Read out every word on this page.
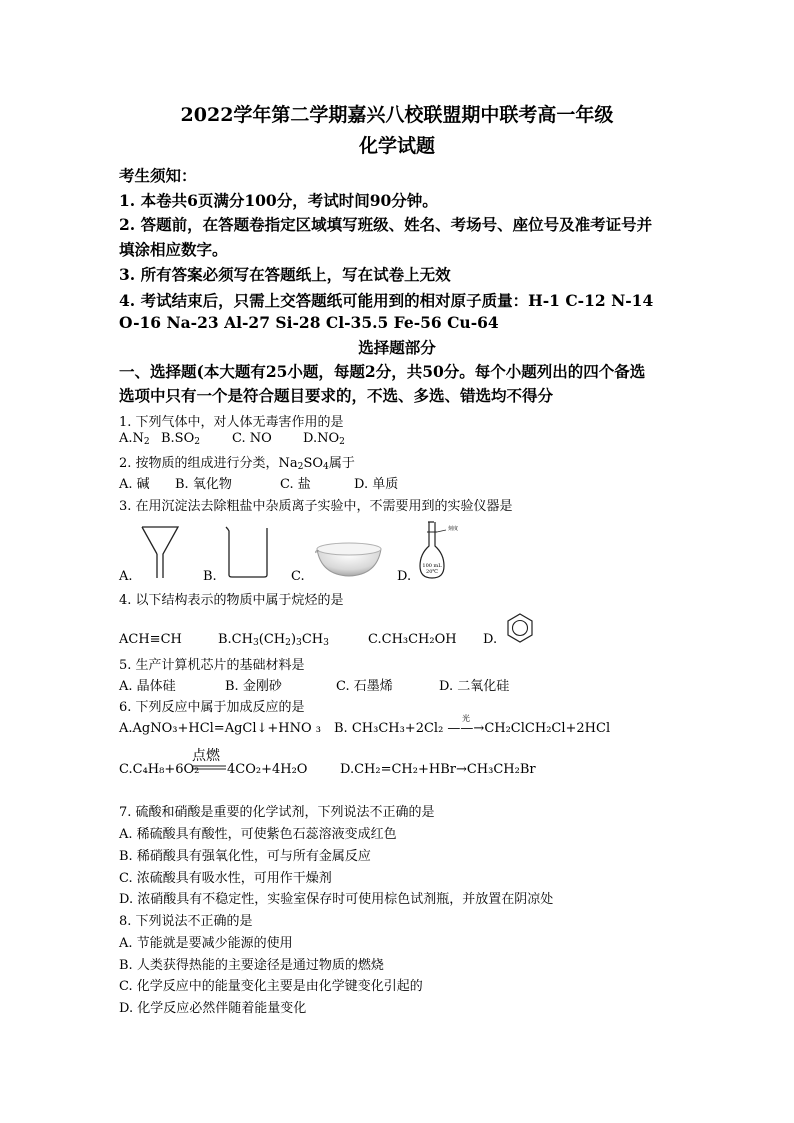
2022学年第二学期嘉兴八校联盟期中联考高一年级
化学试题
考生须知：
1. 本卷共6页满分100分，考试时间90分钟。
2. 答题前，在答题卷指定区域填写班级、姓名、考场号、座位号及准考证号并
填涂相应数字。
3. 所有答案必须写在答题纸上，写在试卷上无效
4. 考试结束后，只需上交答题纸可能用到的相对原子质量：H-1 C-12 N-14
O-16 Na-23 Al-27 Si-28 Cl-35.5 Fe-56 Cu-64
选择题部分
一、选择题(本大题有25小题，每题2分，共50分。每个小题列出的四个备选
选项中只有一个是符合题目要求的，不选、多选、错选均不得分
1. 下列气体中，对人体无毒害作用的是
$A.N_2$ $B.SO_2$ C. NO $D.NO_2$
2. 按物质的组成进行分类，$Na_2SO_4$属于
A. 碱 B. 氧化物	C. 盐	D. 单质
3. 在用沉淀法去除粗盐中杂质离子实验中，不需要用到的实验仪器是
刻度
100 mL 20℃
A.	B.	C.	D.
4. 以下结构表示的物质中属于烷烃的是
ACH≡CH	$B.CH_3(CH_2)_3CH_3$	C.CH₃CH₂OH D.
5. 生产计算机芯片的基础材料是
A. 晶体硅	B. 金刚砂	C. 石墨烯	D. 二氧化硅
6. 下列反应中属于加成反应的是
A.AgNO₃+HCl=AgCl↓+HNO ₃ B. CH₃CH₃+2Cl₂ ——→CH₂ClCH₂Cl+2HCl
光
C.C₄H₈+6O₂
点燃
4CO₂+4H₂O	D.CH₂=CH₂+HBr→CH₃CH₂Br
7. 硫酸和硝酸是重要的化学试剂，下列说法不正确的是
A. 稀硫酸具有酸性，可使紫色石蕊溶液变成红色
B. 稀硝酸具有强氧化性，可与所有金属反应
C. 浓硫酸具有吸水性，可用作干燥剂
D. 浓硝酸具有不稳定性，实验室保存时可使用棕色试剂瓶，并放置在阴凉处
8. 下列说法不正确的是
A. 节能就是要减少能源的使用
B. 人类获得热能的主要途径是通过物质的燃烧
C. 化学反应中的能量变化主要是由化学键变化引起的
D. 化学反应必然伴随着能量变化
